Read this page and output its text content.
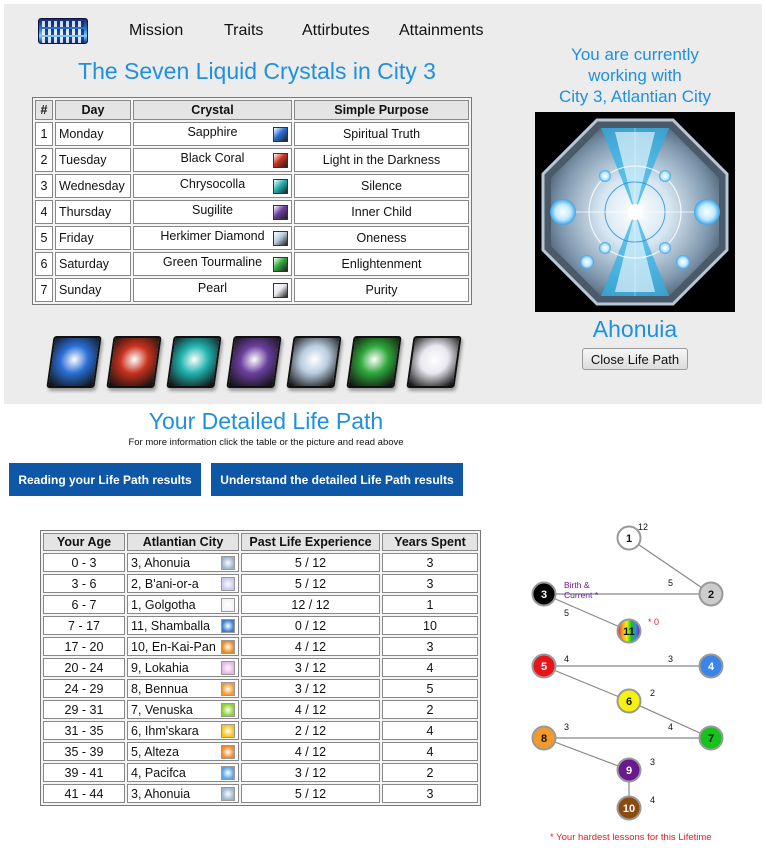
Mission	Traits Attirbutes Attainments
The Seven Liquid Crystals in City 3
#	Day	Crystal	Simple Purpose
1	Monday	Sapphire	Spiritual Truth
2	Tuesday	Black Coral	Light in the Darkness
3	Wednesday	Chrysocolla	Silence
4	Thursday	Sugilite	Inner Child
5	Friday	Herkimer Diamond	Oneness
6	Saturday	Green Tourmaline	Enlightenment
7	Sunday	Pearl	Purity
You are currently
working with
City 3, Atlantian City
Ahonuia
Close Life Path
Your Detailed Life Path
For more information click the table or the picture and read above
Reading your Life Path results	Understand the detailed Life Path results
Your Age	Atlantian City	Past Life Experience	Years Spent
0 - 3	3, Ahonuia	5 / 12	3
3 - 6	2, B'ani-or-a	5 / 12	3
6 - 7	1, Golgotha	12 / 12	1
7 - 17	11, Shamballa	0 / 12	10
17 - 20	10, En-Kai-Pan	4 / 12	3
20 - 24	9, Lokahia	3 / 12	4
24 - 29	8, Bennua	3 / 12	5
29 - 31	7, Venuska	4 / 12	2
31 - 35	6, Ihm'skara	2 / 12	4
35 - 39	5, Alteza	4 / 12	4
39 - 41	4, Pacifca	3 / 12	2
41 - 44	3, Ahonuia	5 / 12	3
1
12
2
5
3
5
11
5
4
4
3
6
2
8
3
7
4
9
3
10
4
Birth &
Current *
* 0
* Your hardest lessons for this Lifetime
